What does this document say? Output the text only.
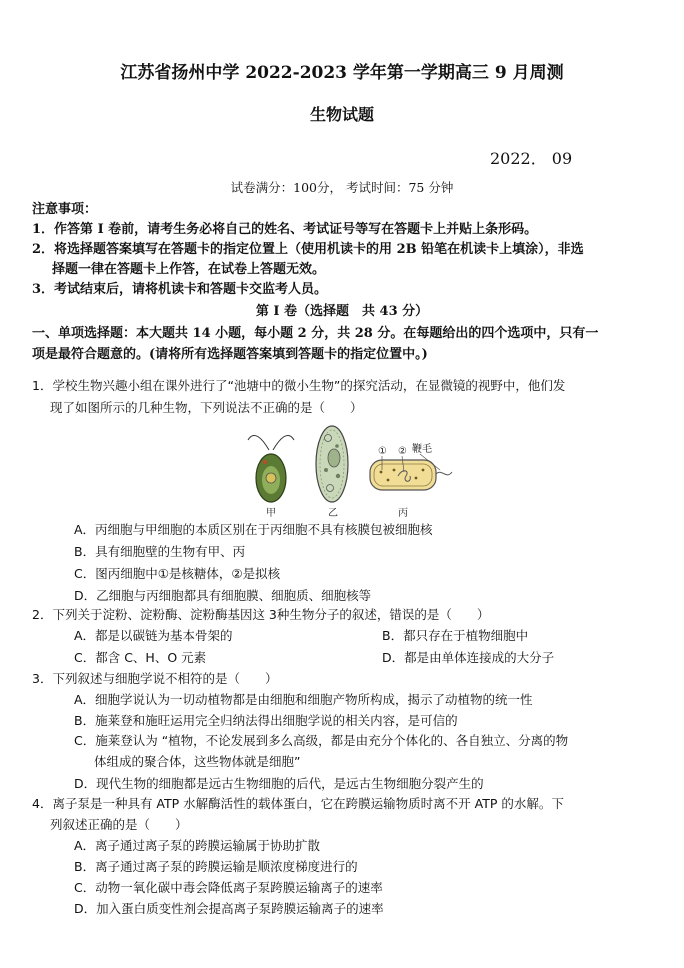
江苏省扬州中学 2022-2023 学年第一学期高三 9 月周测
生物试题
2022． 09
试卷满分：100分， 考试时间：75 分钟
注意事项：
1．作答第 I 卷前，请考生务必将自己的姓名、考试证号等写在答题卡上并贴上条形码。
2．将选择题答案填写在答题卡的指定位置上（使用机读卡的用 2B 铅笔在机读卡上填涂），非选
择题一律在答题卡上作答，在试卷上答题无效。
3．考试结束后，请将机读卡和答题卡交监考人员。
第 Ⅰ 卷（选择题　共 43 分）
一、单项选择题：本大题共 14 小题，每小题 2 分，共 28 分。在每题给出的四个选项中，只有一
项是最符合题意的。(请将所有选择题答案填到答题卡的指定位置中。)
1．学校生物兴趣小组在课外进行了“池塘中的微小生物”的探究活动，在显微镜的视野中，他们发
现了如图所示的几种生物，下列说法不正确的是（　　）
① ② 鞭毛
甲	乙	丙
A．丙细胞与甲细胞的本质区别在于丙细胞不具有核膜包被细胞核
B．具有细胞壁的生物有甲、丙
C．图丙细胞中①是核糖体，②是拟核
D．乙细胞与丙细胞都具有细胞膜、细胞质、细胞核等
2．下列关于淀粉、淀粉酶、淀粉酶基因这 3种生物分子的叙述，错误的是（　　）
A．都是以碳链为基本骨架的	B．都只存在于植物细胞中
C．都含 C、H、O 元素	D．都是由单体连接成的大分子
3．下列叙述与细胞学说不相符的是（　　）
A．细胞学说认为一切动植物都是由细胞和细胞产物所构成，揭示了动植物的统一性
B．施莱登和施旺运用完全归纳法得出细胞学说的相关内容，是可信的
C．施莱登认为 “植物，不论发展到多么高级，都是由充分个体化的、各自独立、分离的物
体组成的聚合体，这些物体就是细胞”
D．现代生物的细胞都是远古生物细胞的后代，是远古生物细胞分裂产生的
4．离子泵是一种具有 ATP 水解酶活性的载体蛋白，它在跨膜运输物质时离不开 ATP 的水解。下
列叙述正确的是（　　）
A．离子通过离子泵的跨膜运输属于协助扩散
B．离子通过离子泵的跨膜运输是顺浓度梯度进行的
C．动物一氧化碳中毒会降低离子泵跨膜运输离子的速率
D．加入蛋白质变性剂会提高离子泵跨膜运输离子的速率
